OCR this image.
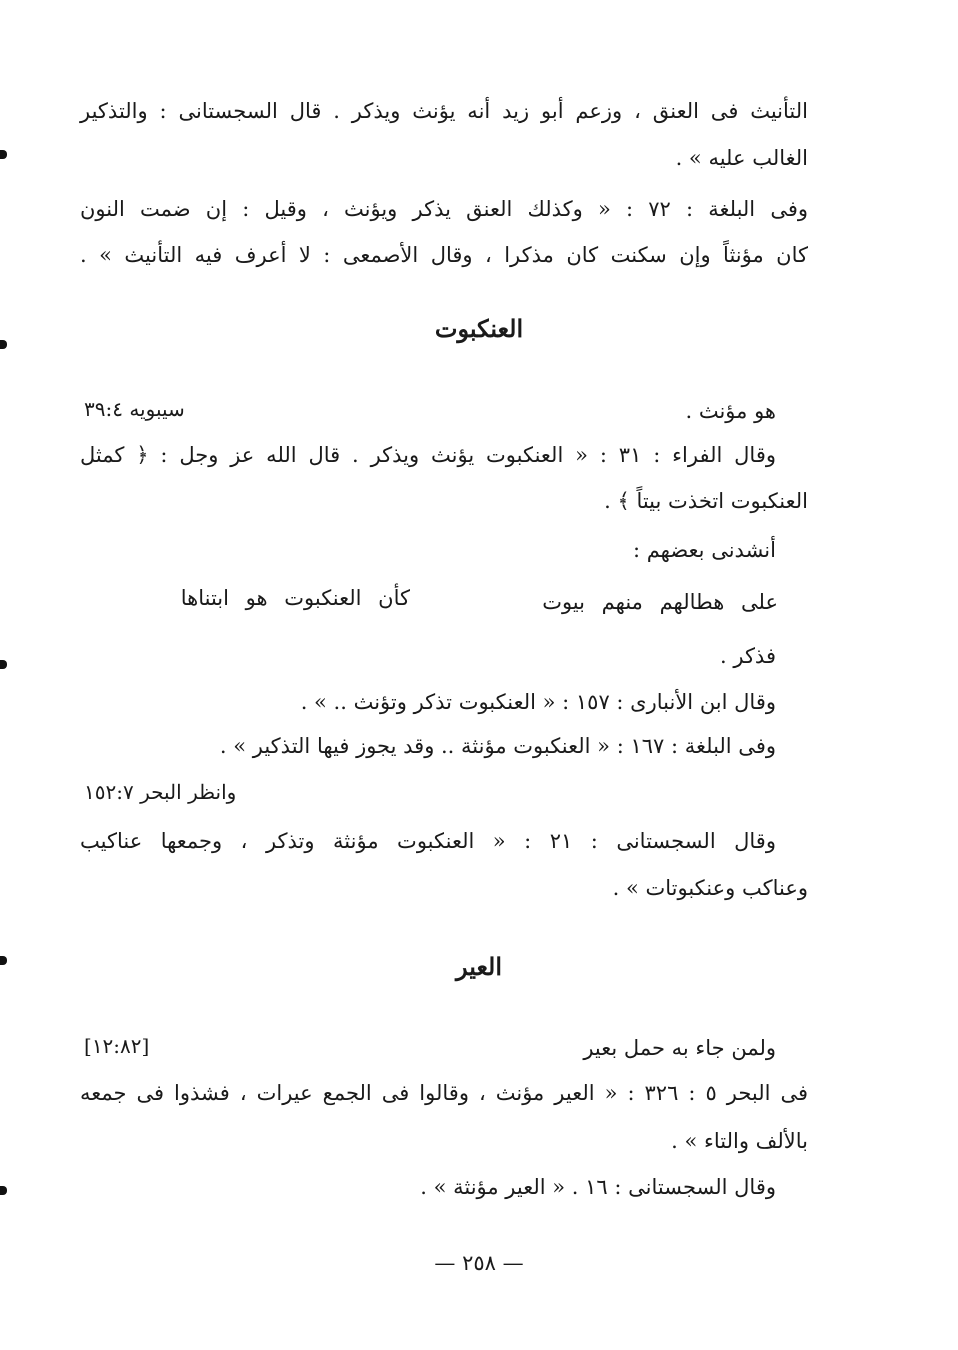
التأنيث فى العنق ، وزعم أبو زيد أنه يؤنث ويذكر . قال السجستانى : والتذكير
الغالب عليه » .
وفى البلغة : ٧٢ : « وكذلك العنق يذكر ويؤنث ، وقيل : إن ضمت النون
كان مؤنثاً وإن سكنت كان مذكرا ، وقال الأصمعى : لا أعرف فيه التأنيث » .
العنكبوت
هو مؤنث .
سيبويه ٣٩:٤
وقال الفراء : ٣١ : « العنكبوت يؤنث ويذكر . قال الله عز وجل : ﴿ كمثل
العنكبوت اتخذت بيتاً ﴾ .
أنشدنى بعضهم :
على هطالهم منهم بيوت
كأن العنكبوت هو ابتناها
فذكر .
وقال ابن الأنبارى : ١٥٧ : « العنكبوت تذكر وتؤنث .. » .
وفى البلغة : ١٦٧ : « العنكبوت مؤنثة .. وقد يجوز فيها التذكير » .
وانظر البحر ١٥٢:٧
وقال السجستانى : ٢١ : « العنكبوت مؤنثة وتذكر ، وجمعها عناكيب
وعناكب وعنكبوتات » .
العير
ولمن جاء به حمل بعير
[١٢:٨٢]
فى البحر ٥ : ٣٢٦ : « العير مؤنث ، وقالوا فى الجمع عيرات ، فشذوا فى جمعه
بالألف والتاء » .
وقال السجستانى : ١٦ . « العير مؤنثة » .
— ٢٥٨ —
